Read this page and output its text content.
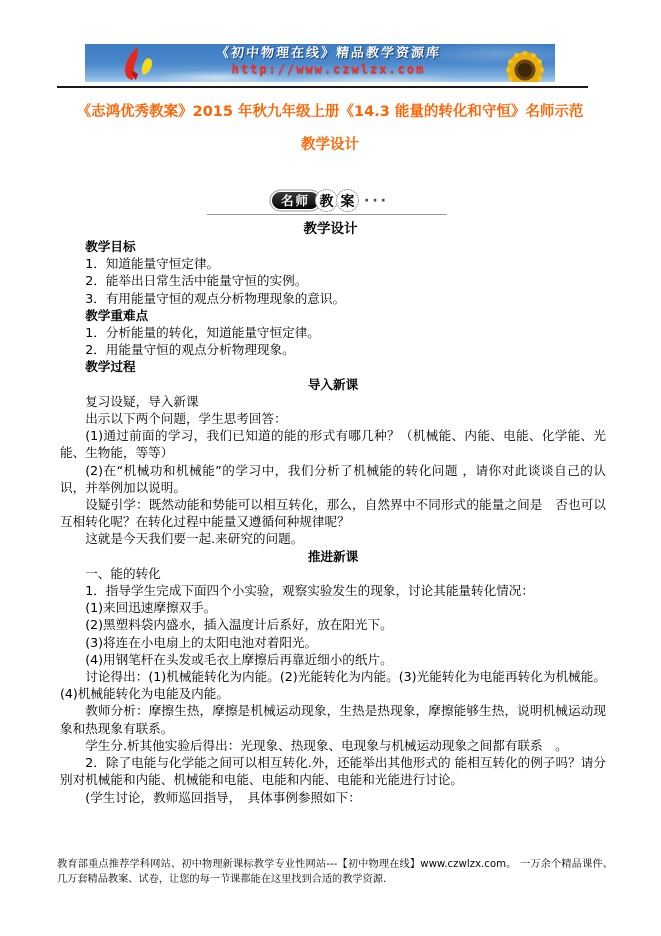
《初中物理在线》精品教学资源库
http://www.czwlzx.com
《志鸿优秀教案》2015 年秋九年级上册《14.3 能量的转化和守恒》名师示范
教学设计
名师 教 案 ···
教学设计

教学目标

1．知道能量守恒定律。

2．能举出日常生活中能量守恒的实例。

3．有用能量守恒的观点分析物理现象的意识。

教学重难点

1．分析能量的转化，知道能量守恒定律。

2．用能量守恒的观点分析物理现象。

教学过程

导入新课

复习设疑，导入新课

出示以下两个问题，学生思考回答：

(1)通过前面的学习，我们已知道的能的形式有哪几种？（机械能、内能、电能、化学能、光能、生物能，等等）

(2)在“机械功和机械能”的学习中，我们分析了机械能的转化问题 ，请你对此谈谈自己的认识，并举例加以说明。

设疑引学：既然动能和势能可以相互转化，那么，自然界中不同形式的能量之间是　否也可以互相转化呢？在转化过程中能量又遵循何种规律呢？

这就是今天我们要一起.来研究的问题。

推进新课

一、能的转化

1．指导学生完成下面四个小实验，观察实验发生的现象，讨论其能量转化情况：

(1)来回迅速摩擦双手。

(2)黑塑料袋内盛水，插入温度计后系好，放在阳光下。

(3)将连在小电扇上的太阳电池对着阳光。

(4)用钢笔杆在头发或毛衣上摩擦后再靠近细小的纸片。

讨论得出：(1)机械能转化为内能。(2)光能转化为内能。(3)光能转化为电能再转化为机械能。(4)机械能转化为电能及内能。

教师分析：摩擦生热，摩擦是机械运动现象，生热是热现象，摩擦能够生热，说明机械运动现象和热现象有联系。

学生分.析其他实验后得出：光现象、热现象、电现象与机械运动现象之间都有联系　。

2．除了电能与化学能之间可以相互转化.外，还能举出其他形式的 能相互转化的例子吗？请分别对机械能和内能、机械能和电能、电能和内能、电能和光能进行讨论。

(学生讨论，教师巡回指导，　具体事例参照如下：

教育部重点推荐学科网站、初中物理新课标教学专业性网站---【初中物理在线】www.czwlzx.com。 一万余个精品课件、几万套精品教案、试卷，让您的每一节课都能在这里找到合适的教学资源.
